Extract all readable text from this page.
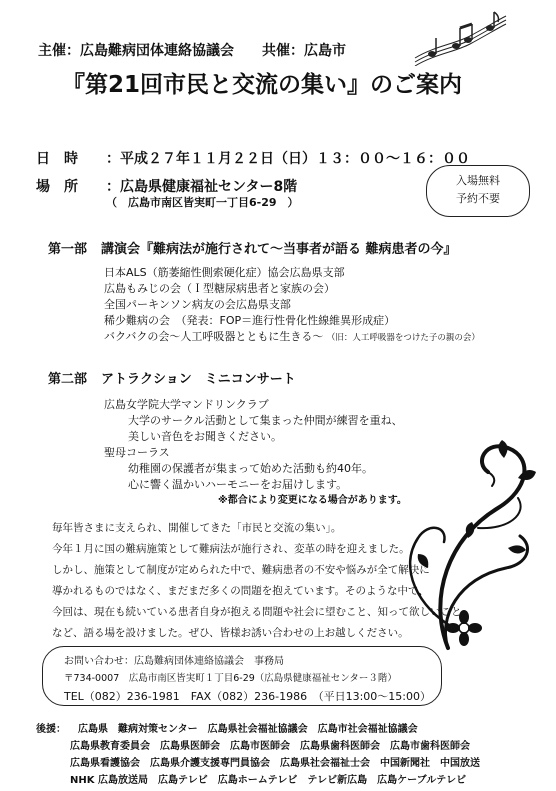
主催：広島難病団体連絡協議会 共催：広島市
『第21回市民と交流の集い』のご案内
日時 ：平成２７年１１月２２日（日）１３：００〜１６：００
場所 ：広島県健康福祉センター8階
（　広島市南区皆実町一丁目6-29　）
入場無料
予約不要
第一部 講演会『難病法が施行されて〜当事者が語る 難病患者の今』
日本ALS（筋萎縮性側索硬化症）協会広島県支部
広島もみじの会（Ｉ型糖尿病患者と家族の会）
全国パーキンソン病友の会広島県支部
稀少難病の会　（発表：FOP＝進行性骨化性線維異形成症）
バクバクの会〜人工呼吸器とともに生きる〜 （旧：人工呼吸器をつけた子の親の会）
第二部 アトラクション　ミニコンサート
広島女学院大学マンドリンクラブ
大学のサークル活動として集まった仲間が練習を重ね、
美しい音色をお聞きください。
聖母コーラス
幼稚園の保護者が集まって始めた活動も約40年。
心に響く温かいハーモニーをお届けします。
※都合により変更になる場合があります。
毎年皆さまに支えられ、開催してきた「市民と交流の集い」。
今年１月に国の難病施策として難病法が施行され、変革の時を迎えました。
しかし、施策として制度が定められた中で、難病患者の不安や悩みが全て解決に
導かれるものではなく、まだまだ多くの問題を抱えています。そのような中で、
今回は、現在も続いている患者自身が抱える問題や社会に望むこと、知って欲しいこと
など、語る場を設けました。ぜひ、皆様お誘い合わせの上お越しください。
お問い合わせ：広島難病団体連絡協議会　事務局
〒734-0007　広島市南区皆実町１丁目6-29（広島県健康福祉センター３階）
TEL（082）236-1981　FAX（082）236-1986　（平日13:00〜15:00）
後援： 広島県　難病対策センター　広島県社会福祉協議会　広島市社会福祉協議会
広島県教育委員会　広島県医師会　広島市医師会　広島県歯科医師会　広島市歯科医師会
広島県看護協会　広島県介護支援専門員協会　広島県社会福祉士会　中国新聞社　中国放送
NHK 広島放送局　広島テレビ　広島ホームテレビ　テレビ新広島　広島ケーブルテレビ
